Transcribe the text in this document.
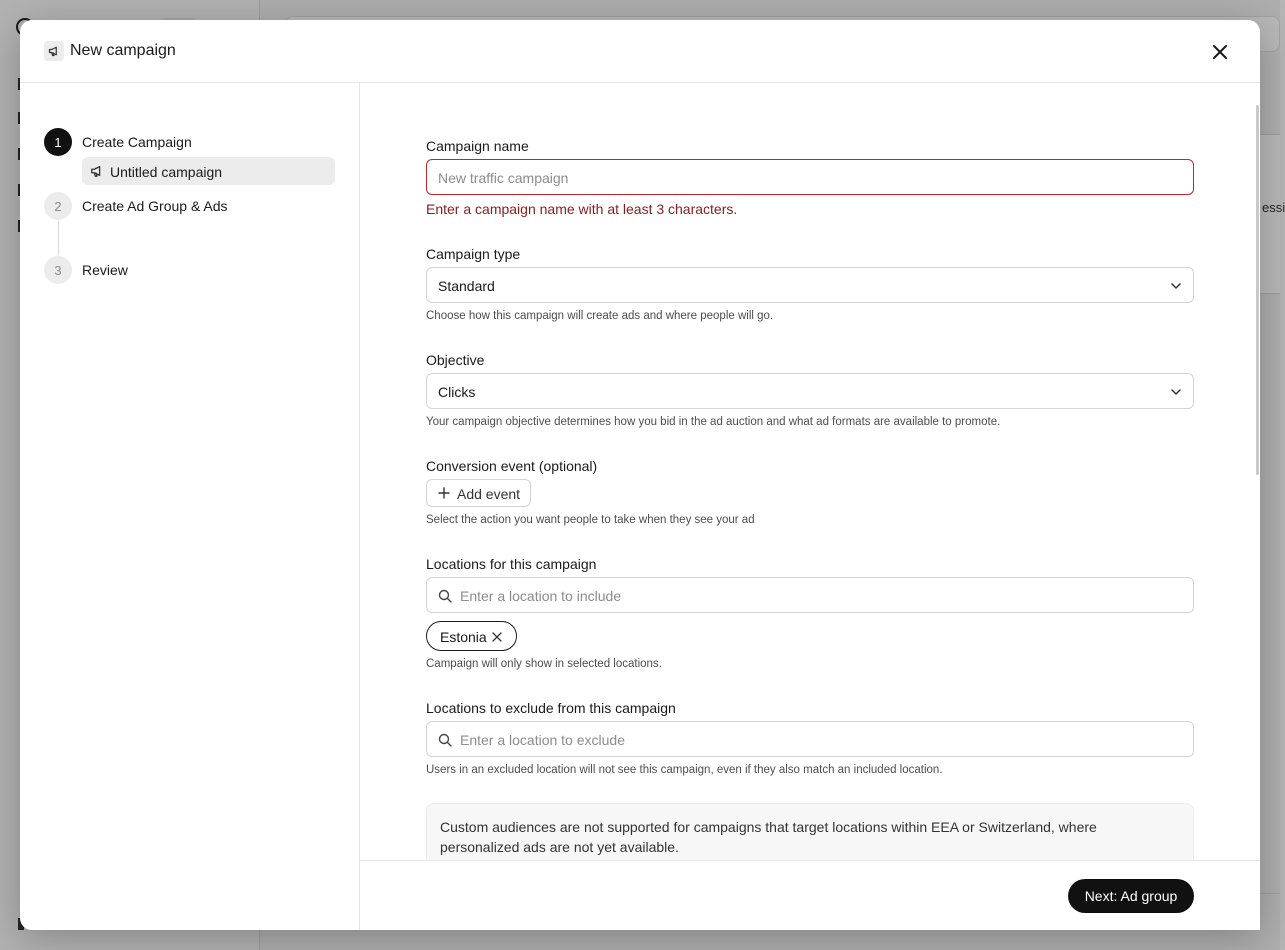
essi
New campaign
1	Create Campaign
Untitled campaign
2	Create Ad Group & Ads
3	Review
Campaign name
New traffic campaign
Enter a campaign name with at least 3 characters.
Campaign type
Standard
Choose how this campaign will create ads and where people will go.
Objective
Clicks
Your campaign objective determines how you bid in the ad auction and what ad formats are available to promote.
Conversion event (optional)
Add event
Select the action you want people to take when they see your ad
Locations for this campaign
Enter a location to include
Estonia
Campaign will only show in selected locations.
Locations to exclude from this campaign
Enter a location to exclude
Users in an excluded location will not see this campaign, even if they also match an included location.
Custom audiences are not supported for campaigns that target locations within EEA or Switzerland, where personalized ads are not yet available.
Next: Ad group
